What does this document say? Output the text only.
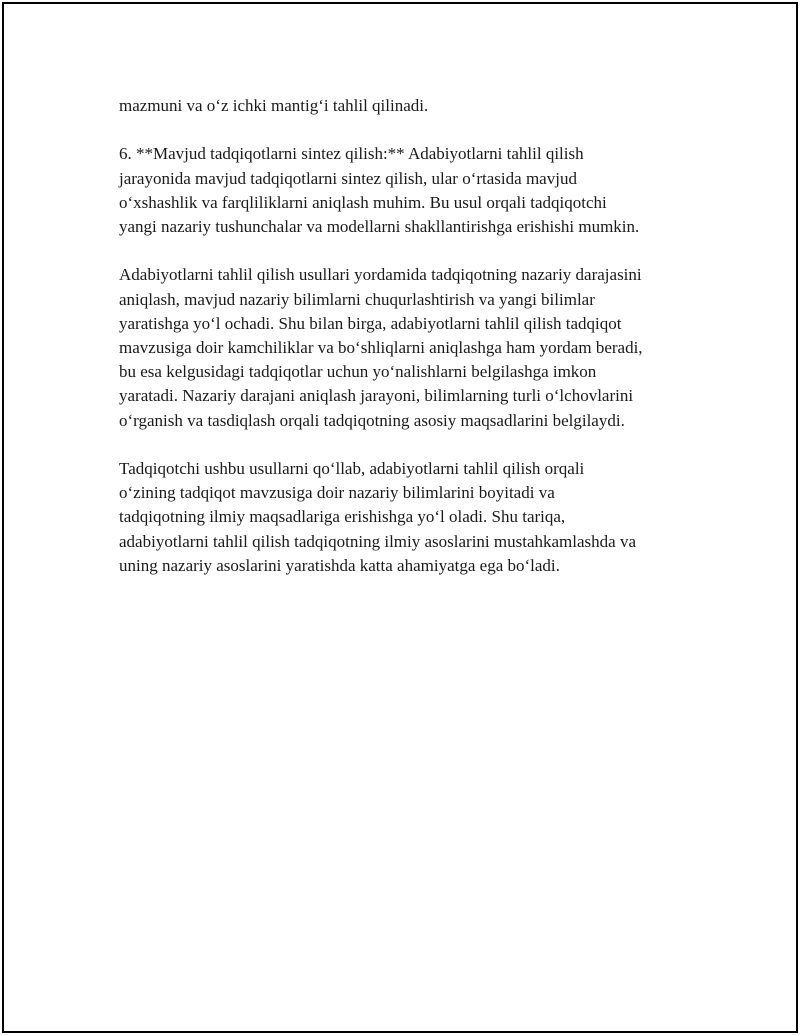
mazmuni va o‘z ichki mantig‘i tahlil qilinadi.

6. **Mavjud tadqiqotlarni sintez qilish:** Adabiyotlarni tahlil qilish
jarayonida mavjud tadqiqotlarni sintez qilish, ular o‘rtasida mavjud
o‘xshashlik va farqliliklarni aniqlash muhim. Bu usul orqali tadqiqotchi
yangi nazariy tushunchalar va modellarni shakllantirishga erishishi mumkin.

Adabiyotlarni tahlil qilish usullari yordamida tadqiqotning nazariy darajasini
aniqlash, mavjud nazariy bilimlarni chuqurlashtirish va yangi bilimlar
yaratishga yo‘l ochadi. Shu bilan birga, adabiyotlarni tahlil qilish tadqiqot
mavzusiga doir kamchiliklar va bo‘shliqlarni aniqlashga ham yordam beradi,
bu esa kelgusidagi tadqiqotlar uchun yo‘nalishlarni belgilashga imkon
yaratadi. Nazariy darajani aniqlash jarayoni, bilimlarning turli o‘lchovlarini
o‘rganish va tasdiqlash orqali tadqiqotning asosiy maqsadlarini belgilaydi.

Tadqiqotchi ushbu usullarni qo‘llab, adabiyotlarni tahlil qilish orqali
o‘zining tadqiqot mavzusiga doir nazariy bilimlarini boyitadi va
tadqiqotning ilmiy maqsadlariga erishishga yo‘l oladi. Shu tariqa,
adabiyotlarni tahlil qilish tadqiqotning ilmiy asoslarini mustahkamlashda va
uning nazariy asoslarini yaratishda katta ahamiyatga ega bo‘ladi.
